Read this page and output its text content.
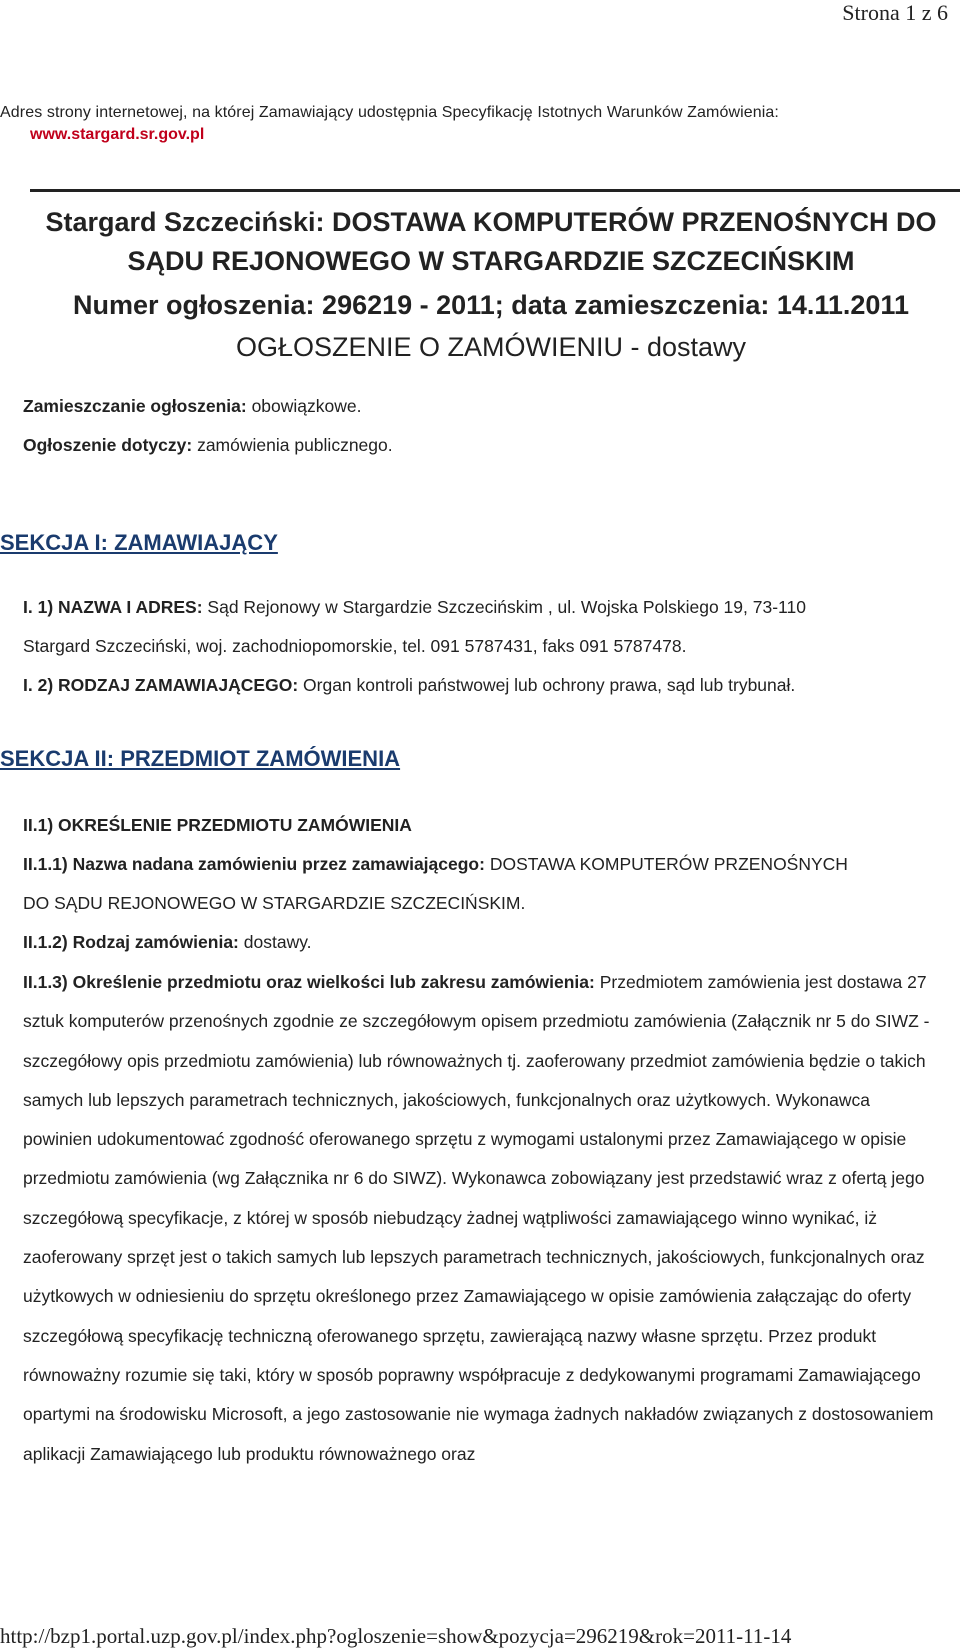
Strona 1 z 6
Adres strony internetowej, na której Zamawiający udostępnia Specyfikację Istotnych Warunków Zamówienia:
www.stargard.sr.gov.pl
Stargard Szczeciński: DOSTAWA KOMPUTERÓW PRZENOŚNYCH DO
SĄDU REJONOWEGO W STARGARDZIE SZCZECIŃSKIM
Numer ogłoszenia: 296219 - 2011; data zamieszczenia: 14.11.2011
OGŁOSZENIE O ZAMÓWIENIU - dostawy
Zamieszczanie ogłoszenia: obowiązkowe.
Ogłoszenie dotyczy: zamówienia publicznego.
SEKCJA I: ZAMAWIAJĄCY
I. 1) NAZWA I ADRES: Sąd Rejonowy w Stargardzie Szczecińskim , ul. Wojska Polskiego 19, 73-110
Stargard Szczeciński, woj. zachodniopomorskie, tel. 091 5787431, faks 091 5787478.
I. 2) RODZAJ ZAMAWIAJĄCEGO: Organ kontroli państwowej lub ochrony prawa, sąd lub trybunał.
SEKCJA II: PRZEDMIOT ZAMÓWIENIA
II.1) OKREŚLENIE PRZEDMIOTU ZAMÓWIENIA
II.1.1) Nazwa nadana zamówieniu przez zamawiającego: DOSTAWA KOMPUTERÓW PRZENOŚNYCH
DO SĄDU REJONOWEGO W STARGARDZIE SZCZECIŃSKIM.
II.1.2) Rodzaj zamówienia: dostawy.
II.1.3) Określenie przedmiotu oraz wielkości lub zakresu zamówienia: Przedmiotem zamówienia jest dostawa 27 sztuk komputerów przenośnych zgodnie ze szczegółowym opisem przedmiotu zamówienia (Załącznik nr 5 do SIWZ - szczegółowy opis przedmiotu zamówienia) lub równoważnych tj. zaoferowany przedmiot zamówienia będzie o takich samych lub lepszych parametrach technicznych, jakościowych, funkcjonalnych oraz użytkowych. Wykonawca powinien udokumentować zgodność oferowanego sprzętu z wymogami ustalonymi przez Zamawiającego w opisie przedmiotu zamówienia (wg Załącznika nr 6 do SIWZ). Wykonawca zobowiązany jest przedstawić wraz z ofertą jego szczegółową specyfikacje, z której w sposób niebudzący żadnej wątpliwości zamawiającego winno wynikać, iż zaoferowany sprzęt jest o takich samych lub lepszych parametrach technicznych, jakościowych, funkcjonalnych oraz użytkowych w odniesieniu do sprzętu określonego przez Zamawiającego w opisie zamówienia załączając do oferty szczegółową specyfikację techniczną oferowanego sprzętu, zawierającą nazwy własne sprzętu. Przez produkt równoważny rozumie się taki, który w sposób poprawny współpracuje z dedykowanymi programami Zamawiającego opartymi na środowisku Microsoft, a jego zastosowanie nie wymaga żadnych nakładów związanych z dostosowaniem aplikacji Zamawiającego lub produktu równoważnego oraz
http://bzp1.portal.uzp.gov.pl/index.php?ogloszenie=show&pozycja=296219&rok=2011-11-14
